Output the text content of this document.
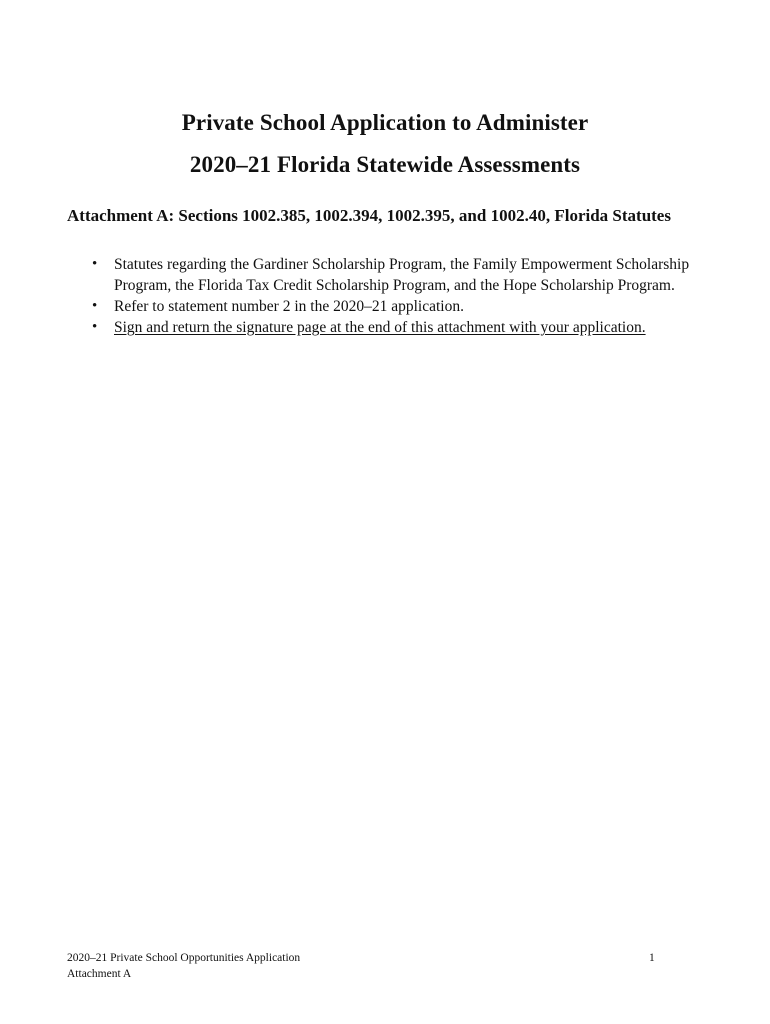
Private School Application to Administer
2020–21 Florida Statewide Assessments
Attachment A: Sections 1002.385, 1002.394, 1002.395, and 1002.40, Florida Statutes
• Statutes regarding the Gardiner Scholarship Program, the Family Empowerment Scholarship Program, the Florida Tax Credit Scholarship Program, and the Hope Scholarship Program.
• Refer to statement number 2 in the 2020–21 application.
• Sign and return the signature page at the end of this attachment with your application.
2020–21 Private School Opportunities Application
Attachment A
1
